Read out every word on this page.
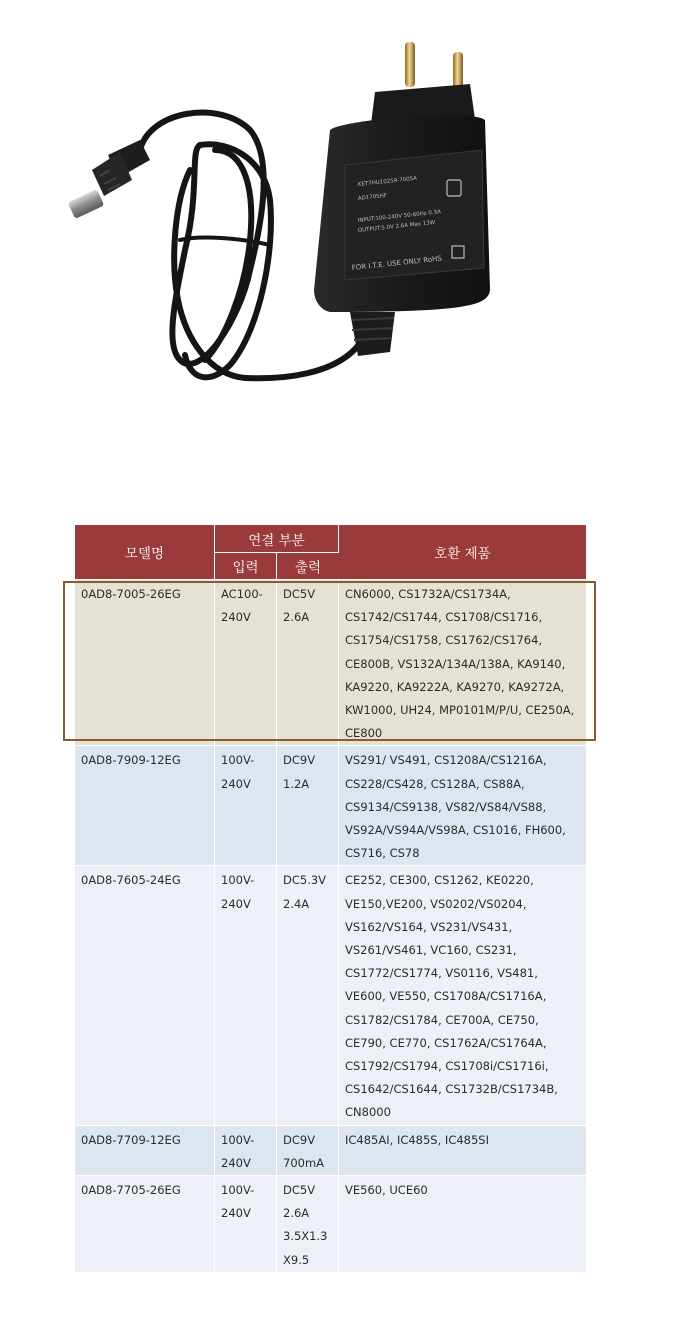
KET7HU10259-7005A
AD1705HF
INPUT:100-240V 50-60Hz 0.3A
OUTPUT:5.0V 2.6A Max 13W
FOR I.T.E. USE ONLY RoHS
모델명	연결 부분		호환 제품
	입력	출력	
0AD8-7005-26EG	AC100-240V	DC5V 2.6A	CN6000, CS1732A/CS1734A, CS1742/CS1744, CS1708/CS1716, CS1754/CS1758, CS1762/CS1764, CE800B, VS132A/134A/138A, KA9140, KA9220, KA9222A, KA9270, KA9272A, KW1000, UH24, MP0101M/P/U, CE250A, CE800
0AD8-7909-12EG	100V-240V	DC9V 1.2A	VS291/ VS491, CS1208A/CS1216A, CS228/CS428, CS128A, CS88A, CS9134/CS9138, VS82/VS84/VS88, VS92A/VS94A/VS98A, CS1016, FH600, CS716, CS78
0AD8-7605-24EG	100V-240V	DC5.3V 2.4A	CE252, CE300, CS1262, KE0220, VE150,VE200, VS0202/VS0204, VS162/VS164, VS231/VS431, VS261/VS461, VC160, CS231, CS1772/CS1774, VS0116, VS481, VE600, VE550, CS1708A/CS1716A, CS1782/CS1784, CE700A, CE750, CE790, CE770, CS1762A/CS1764A, CS1792/CS1794, CS1708i/CS1716i, CS1642/CS1644, CS1732B/CS1734B, CN8000
0AD8-7709-12EG	100V-240V	DC9V 700mA	IC485AI, IC485S, IC485SI
0AD8-7705-26EG	100V-240V	DC5V 2.6A 3.5X1.3 X9.5	VE560, UCE60
